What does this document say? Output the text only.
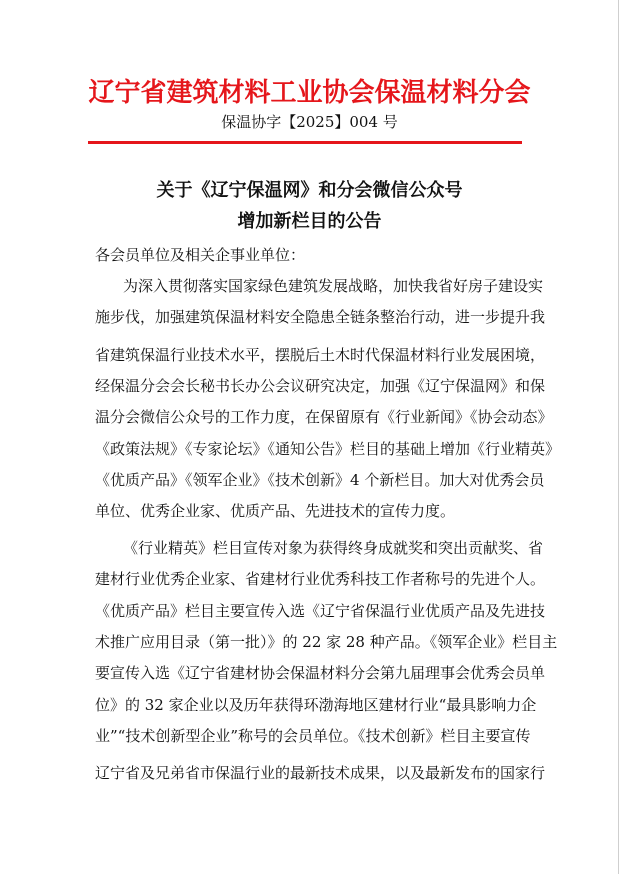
辽宁省建筑材料工业协会保温材料分会
保温协字【2025】004 号
关于《辽宁保温网》和分会微信公众号
增加新栏目的公告
各会员单位及相关企事业单位：
为深入贯彻落实国家绿色建筑发展战略，加快我省好房子建设实
施步伐，加强建筑保温材料安全隐患全链条整治行动，进一步提升我
省建筑保温行业技术水平，摆脱后土木时代保温材料行业发展困境，
经保温分会会长秘书长办公会议研究决定，加强《辽宁保温网》和保
温分会微信公众号的工作力度，在保留原有《行业新闻》《协会动态》
《政策法规》《专家论坛》《通知公告》栏目的基础上增加《行业精英》
《优质产品》《领军企业》《技术创新》4 个新栏目。加大对优秀会员
单位、优秀企业家、优质产品、先进技术的宣传力度。
《行业精英》栏目宣传对象为获得终身成就奖和突出贡献奖、省
建材行业优秀企业家、省建材行业优秀科技工作者称号的先进个人。
《优质产品》栏目主要宣传入选《辽宁省保温行业优质产品及先进技
术推广应用目录（第一批）》的 22 家 28 种产品。《领军企业》栏目主
要宣传入选《辽宁省建材协会保温材料分会第九届理事会优秀会员单
位》的 32 家企业以及历年获得环渤海地区建材行业“最具影响力企
业”“技术创新型企业”称号的会员单位。《技术创新》栏目主要宣传
辽宁省及兄弟省市保温行业的最新技术成果，以及最新发布的国家行
